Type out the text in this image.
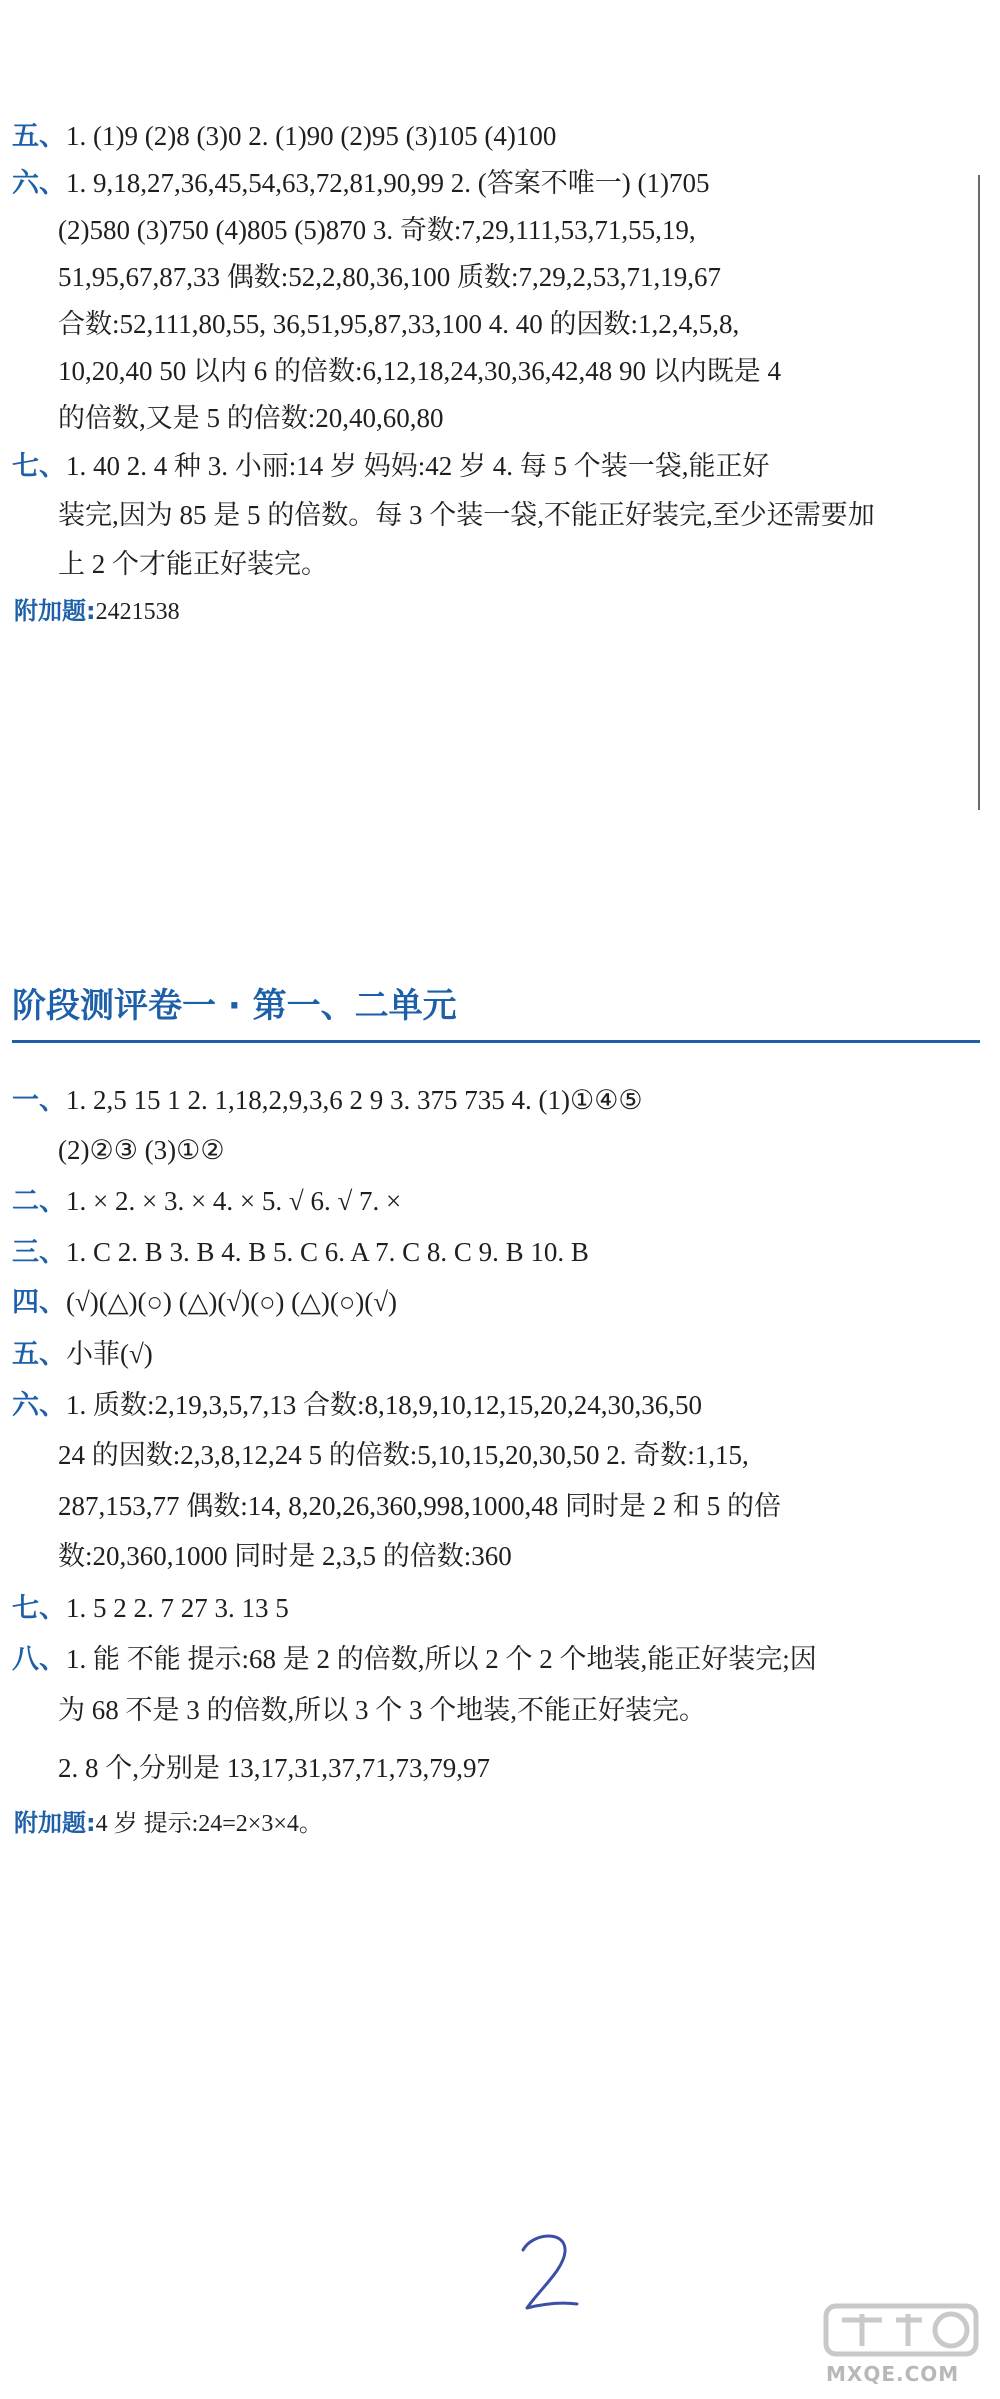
五、1. (1)9 (2)8 (3)0 2. (1)90 (2)95 (3)105 (4)100
六、1. 9,18,27,36,45,54,63,72,81,90,99 2. (答案不唯一) (1)705
(2)580 (3)750 (4)805 (5)870 3. 奇数:7,29,111,53,71,55,19,
51,95,67,87,33 偶数:52,2,80,36,100 质数:7,29,2,53,71,19,67
合数:52,111,80,55, 36,51,95,87,33,100 4. 40 的因数:1,2,4,5,8,
10,20,40 50 以内 6 的倍数:6,12,18,24,30,36,42,48 90 以内既是 4
的倍数,又是 5 的倍数:20,40,60,80
七、1. 40 2. 4 种 3. 小丽:14 岁 妈妈:42 岁 4. 每 5 个装一袋,能正好
装完,因为 85 是 5 的倍数。每 3 个装一袋,不能正好装完,至少还需要加
上 2 个才能正好装完。
附加题:2421538
阶段测评卷一 · 第一、二单元
一、1. 2,5 15 1 2. 1,18,2,9,3,6 2 9 3. 375 735 4. (1)①④⑤
(2)②③ (3)①②
二、1. × 2. × 3. × 4. × 5. √ 6. √ 7. ×
三、1. C 2. B 3. B 4. B 5. C 6. A 7. C 8. C 9. B 10. B
四、(√)(△)(○) (△)(√)(○) (△)(○)(√)
五、小菲(√)
六、1. 质数:2,19,3,5,7,13 合数:8,18,9,10,12,15,20,24,30,36,50
24 的因数:2,3,8,12,24 5 的倍数:5,10,15,20,30,50 2. 奇数:1,15,
287,153,77 偶数:14, 8,20,26,360,998,1000,48 同时是 2 和 5 的倍
数:20,360,1000 同时是 2,3,5 的倍数:360
七、1. 5 2 2. 7 27 3. 13 5
八、1. 能 不能 提示:68 是 2 的倍数,所以 2 个 2 个地装,能正好装完;因
为 68 不是 3 的倍数,所以 3 个 3 个地装,不能正好装完。
2. 8 个,分别是 13,17,31,37,71,73,79,97
附加题:4 岁 提示:24=2×3×4。
MXQE.COM
